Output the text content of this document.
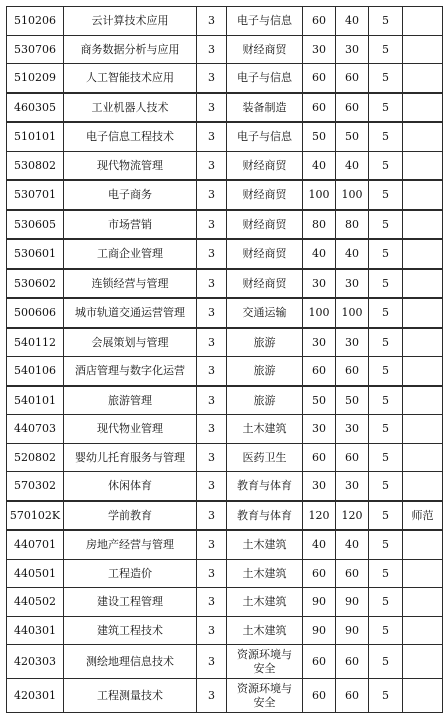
510206	云计算技术应用	3	电子与信息	60	40	5	
530706	商务数据分析与应用	3	财经商贸	30	30	5	
510209	人工智能技术应用	3	电子与信息	60	60	5	
460305	工业机器人技术	3	装备制造	60	60	5	
510101	电子信息工程技术	3	电子与信息	50	50	5	
530802	现代物流管理	3	财经商贸	40	40	5	
530701	电子商务	3	财经商贸	100	100	5	
530605	市场营销	3	财经商贸	80	80	5	
530601	工商企业管理	3	财经商贸	40	40	5	
530602	连锁经营与管理	3	财经商贸	30	30	5	
500606	城市轨道交通运营管理	3	交通运输	100	100	5	
540112	会展策划与管理	3	旅游	30	30	5	
540106	酒店管理与数字化运营	3	旅游	60	60	5	
540101	旅游管理	3	旅游	50	50	5	
440703	现代物业管理	3	土木建筑	30	30	5	
520802	婴幼儿托育服务与管理	3	医药卫生	60	60	5	
570302	休闲体育	3	教育与体育	30	30	5	
570102K	学前教育	3	教育与体育	120	120	5	师范
440701	房地产经营与管理	3	土木建筑	40	40	5	
440501	工程造价	3	土木建筑	60	60	5	
440502	建设工程管理	3	土木建筑	90	90	5	
440301	建筑工程技术	3	土木建筑	90	90	5	
420303	测绘地理信息技术	3	资源环境与
安全	60	60	5	
420301	工程测量技术	3	资源环境与
安全	60	60	5	
